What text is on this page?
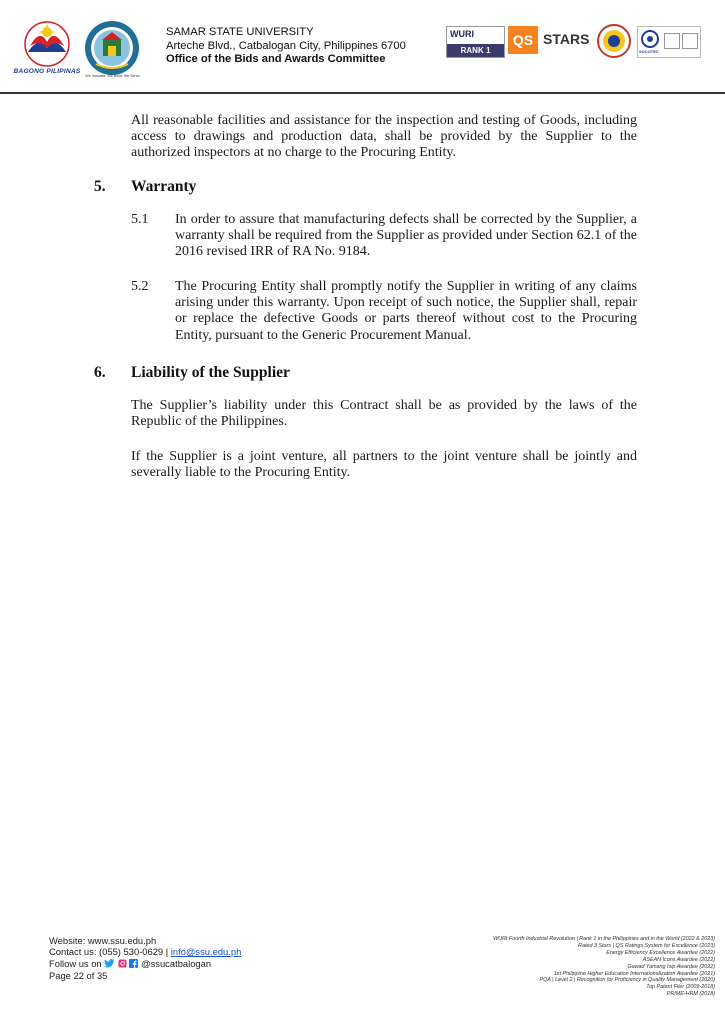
BAGONG PILIPINAS
We Innovate. We Build. We Serve.
SAMAR STATE UNIVERSITY
Arteche Blvd., Catbalogan City, Philippines 6700
Office of the Bids and Awards Committee
WURI
RANK 1
QS STARS
SOCOTEC
All reasonable facilities and assistance for the inspection and testing of Goods, including access to drawings and production data, shall be provided by the Supplier to the authorized inspectors at no charge to the Procuring Entity.
5. Warranty
5.1 In order to assure that manufacturing defects shall be corrected by the Supplier, a warranty shall be required from the Supplier as provided under Section 62.1 of the 2016 revised IRR of RA No. 9184.
5.2 The Procuring Entity shall promptly notify the Supplier in writing of any claims arising under this warranty. Upon receipt of such notice, the Supplier shall, repair or replace the defective Goods or parts thereof without cost to the Procuring Entity, pursuant to the Generic Procurement Manual.
6. Liability of the Supplier
The Supplier’s liability under this Contract shall be as provided by the laws of the Republic of the Philippines.
If the Supplier is a joint venture, all partners to the joint venture shall be jointly and severally liable to the Procuring Entity.
Website: www.ssu.edu.ph
Contact us: (055) 530-0629 | info@ssu.edu.ph
Follow us on	@ssucatbalogan
Page 22 of 35
WURI Fourth Industrial Revolution | Rank 1 in the Philippines and in the World (2022 & 2023)
Rated 3 Stars | QS Ratings System for Excellence (2023)
Energy Efficiency Excellence Awardee (2022)
ASEAN Icons Awardee (2022)
Gawad Yamang Isip Awardee (2022)
1st Philippine Higher Education Internationalization Awardee (2021)
PQA | Level 2 | Recognition for Proficiency in Quality Management (2020)
Top Patent Filer (2009-2018)
PRIME-HRM (2018)
